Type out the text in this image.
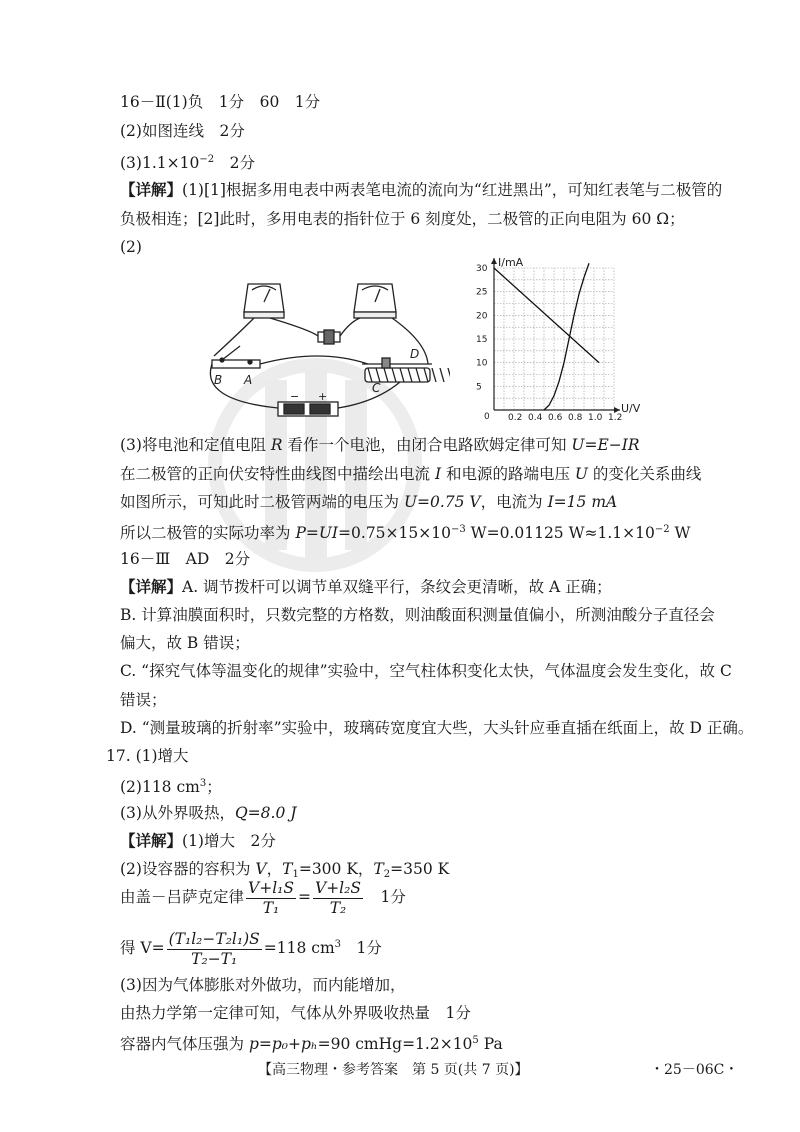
16－Ⅱ(1)负　1分　60　1分
(2)如图连线　2分
$(3)1.1\times 10^{-2}$　2分
【详解】(1)[1]根据多用电表中两表笔电流的流向为“红进黑出”，可知红表笔与二极管的
负极相连；[2]此时，多用电表的指针位于 6 刻度处，二极管的正向电阻为 60 Ω；
(2)
B A
C
D
− +
0.2 0.4 0.6 0.8 1.0 1.2
5
10
15
20
25
30 I/mA
U/V
0
(3)将电池和定值电阻 R 看作一个电池，由闭合电路欧姆定律可知 U=E−IR
在二极管的正向伏安特性曲线图中描绘出电流 I 和电源的路端电压 U 的变化关系曲线
如图所示，可知此时二极管两端的电压为 U=0.75 V，电流为 I=15 mA
所以二极管的实际功率为 $P=UI=0.75\times 15\times 10^{-3}$ W=0.01125 $W\approx 1.1\times 10^{-2}$ W
16－Ⅲ　AD　2分
【详解】A. 调节拨杆可以调节单双缝平行，条纹会更清晰，故 A 正确；
B. 计算油膜面积时，只数完整的方格数，则油酸面积测量值偏小，所测油酸分子直径会
偏大，故 B 错误；
C. “探究气体等温变化的规律”实验中，空气柱体积变化太快，气体温度会发生变化，故 C
错误；
D. “测量玻璃的折射率”实验中，玻璃砖宽度宜大些，大头针应垂直插在纸面上，故 D 正确。
17. (1)增大
(2)118 $cm^3$；
(3)从外界吸热，Q=8.0 J
【详解】(1)增大　2分
(2)设容器的容积为 V，$T_1=300$ K，$T_2=350$ K
由盖－吕萨克定律 $\frac{\text{V+l₁S}}{\text{T₁}} = \frac{\text{V+l₂S}}{\text{T₂}}$ 　1分
得 $V= \frac{\text{(T₁l₂−T₂l₁)S}}{\text{T₂−T₁}} =118$ $cm^3$　1分
(3)因为气体膨胀对外做功，而内能增加，
由热力学第一定律可知，气体从外界吸收热量　1分
容器内气体压强为 p=p₀+pₕ=90 $cmHg=1.2\times 10^5$ Pa
【高三物理・参考答案　第 5 页(共 7 页)】	・25－06C・
